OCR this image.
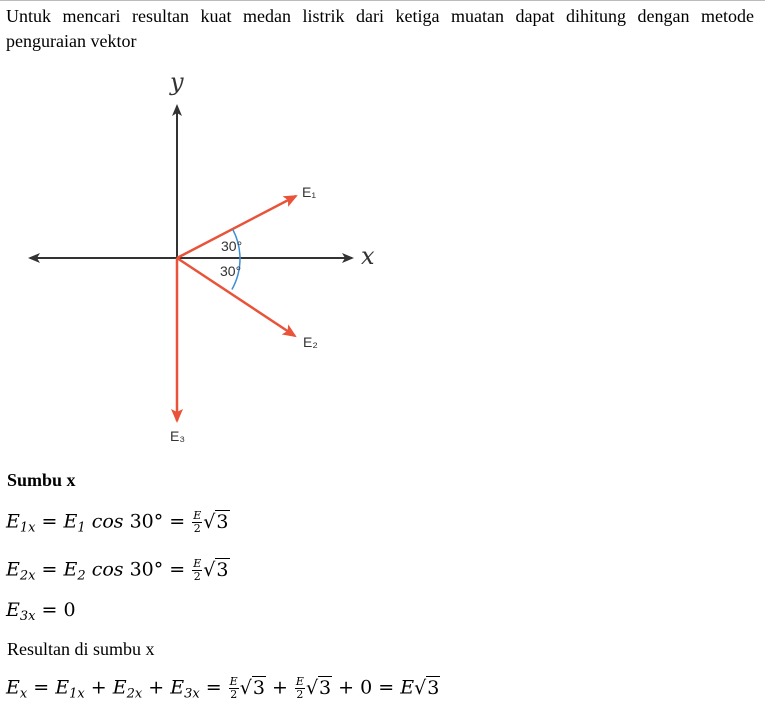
Untuk mencari resultan kuat medan listrik dari ketiga muatan dapat dihitung dengan metode penguraian vektor
y
x
30°
30°
E₁
E₂
E₃
Sumbu x
$E_{1x} = E_1$ $\cos 30^\circ = \frac{E}{2} √3$
$E_{2x} = E_2$ $\cos 30^\circ = \frac{E}{2} √3$
$E_{3x} = 0$
Resultan di sumbu x
$E_x = E_{1x} + E_{2x} + E_{3x} = \frac{E}{2} √3 + \frac{E}{2} √3 + 0 = E√3$
